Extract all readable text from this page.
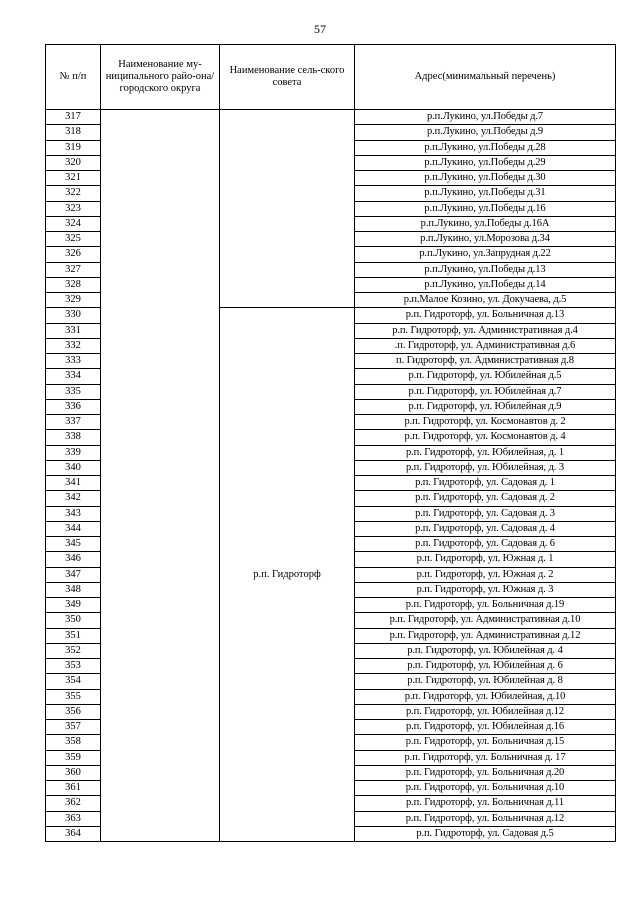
57
№ п/п	Наименование му-ниципального райо-она/ городского округа	Наименование сель-ского совета	Адрес(минимальный перечень)
317			р.п.Лукино, ул.Победы д.7
318			р.п.Лукино, ул.Победы д.9
319			р.п.Лукино, ул.Победы д.28
320			р.п.Лукино, ул.Победы д.29
321			р.п.Лукино, ул.Победы д.30
322			р.п.Лукино, ул.Победы д.31
323			р.п.Лукино, ул.Победы д.16
324			р.п.Лукино, ул.Победы д.16А
325			р.п.Лукино, ул.Морозова д.34
326			р.п.Лукино, ул.Запрудная д.22
327			р.п.Лукино, ул.Победы д.13
328			р.п.Лукино, ул.Победы д.14
329			р.п.Малое Козино, ул. Докучаева, д.5
330		р.п. Гидроторф	р.п. Гидроторф, ул. Больничная д.13
331			р.п. Гидроторф, ул. Административная д.4
332			.п. Гидроторф, ул. Административная д.6
333			п. Гидроторф, ул. Административная д.8
334			р.п. Гидроторф, ул. Юбилейная д.5
335			р.п. Гидроторф, ул. Юбилейная д.7
336			р.п. Гидроторф, ул. Юбилейная д.9
337			р.п. Гидроторф, ул. Космонавтов д. 2
338			р.п. Гидроторф, ул. Космонавтов д. 4
339			р.п. Гидроторф, ул. Юбилейная, д. 1
340			р.п. Гидроторф, ул. Юбилейная, д. 3
341			р.п. Гидроторф, ул. Садовая д. 1
342			р.п. Гидроторф, ул. Садовая д. 2
343			р.п. Гидроторф, ул. Садовая д. 3
344			р.п. Гидроторф, ул. Садовая д. 4
345			р.п. Гидроторф, ул. Садовая д. 6
346			р.п. Гидроторф, ул. Южная д. 1
347			р.п. Гидроторф, ул. Южная д. 2
348			р.п. Гидроторф, ул. Южная д. 3
349			р.п. Гидроторф, ул. Больничная д.19
350			р.п. Гидроторф, ул. Административная д.10
351			р.п. Гидроторф, ул. Административная д.12
352			р.п. Гидроторф, ул. Юбилейная д. 4
353			р.п. Гидроторф, ул. Юбилейная д. 6
354			р.п. Гидроторф, ул. Юбилейная д. 8
355			р.п. Гидроторф, ул. Юбилейная, д.10
356			р.п. Гидроторф, ул. Юбилейная д.12
357			р.п. Гидроторф, ул. Юбилейная д.16
358			р.п. Гидроторф, ул. Больничная д.15
359			р.п. Гидроторф, ул. Больничная д. 17
360			р.п. Гидроторф, ул. Больничная д.20
361			р.п. Гидроторф, ул. Больничная д.10
362			р.п. Гидроторф, ул. Больничная д.11
363			р.п. Гидроторф, ул. Больничная д.12
364			р.п. Гидроторф, ул. Садовая д.5
